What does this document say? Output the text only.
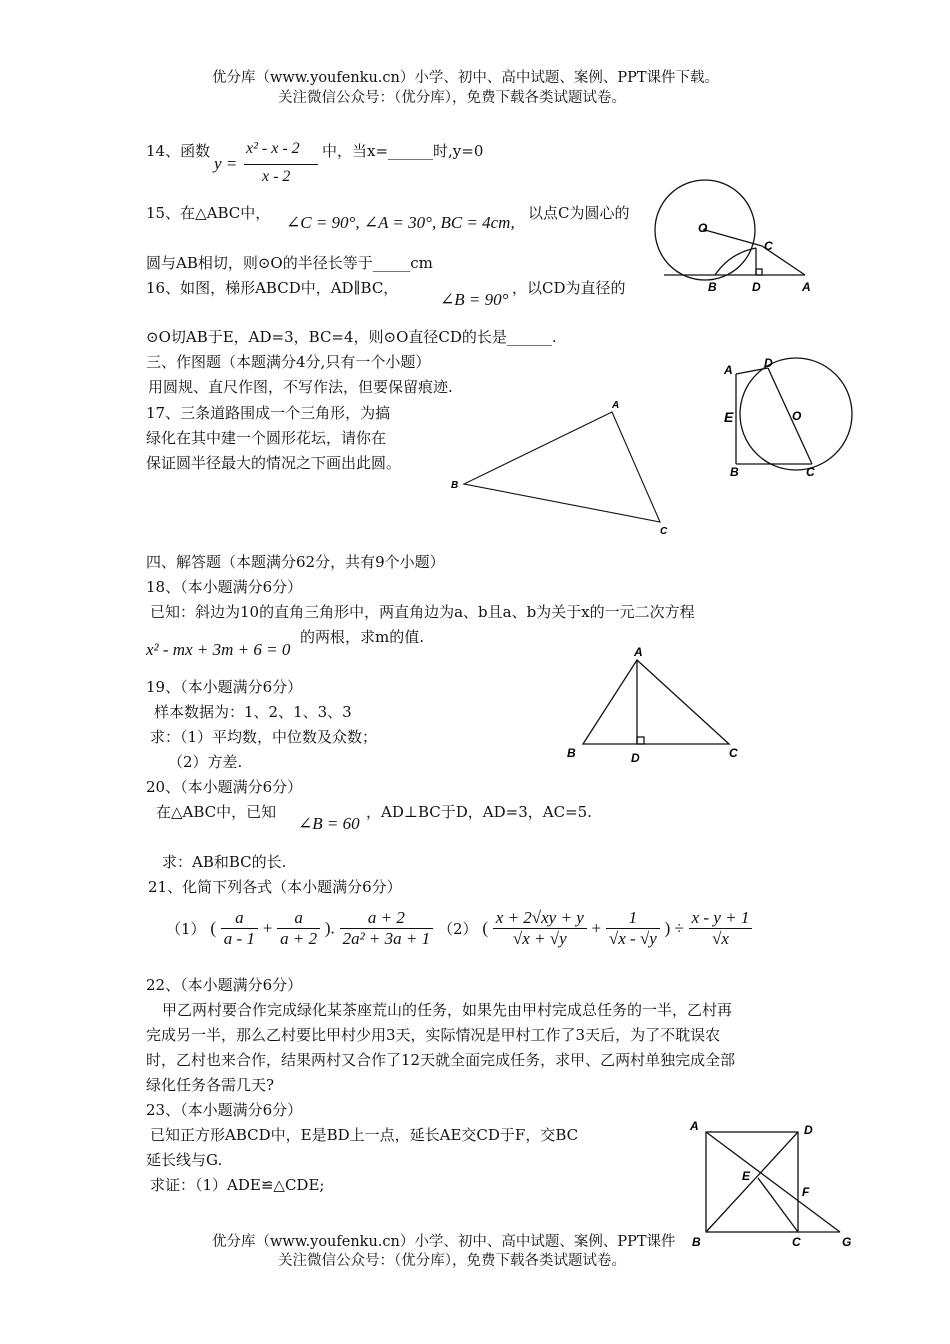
优分库（www.youfenku.cn）小学、初中、高中试题、案例、PPT课件下载。
关注微信公众号：（优分库），免费下载各类试题试卷。
14、函数
y =
x² - x - 2
x - 2
中，当x=______时,y=0
15、在△ABC中， ∠C = 90°, ∠A = 30°, BC = 4cm, 以点C为圆心的
圆与AB相切，则⊙O的半径长等于_____cm
16、如图，梯形ABCD中，AD∥BC，
∠B = 90°
，以CD为直径的
⊙O切AB于E，AD=3，BC=4，则⊙O直径CD的长是______.
三、作图题（本题满分4分,只有一个小题）
用圆规、直尺作图，不写作法，但要保留痕迹.
17、三条道路围成一个三角形，为搞
绿化在其中建一个圆形花坛，请你在
保证圆半径最大的情况之下画出此圆。
四、解答题（本题满分62分，共有9个小题）
18、（本小题满分6分）
已知：斜边为10的直角三角形中，两直角边为a、b且a、b为关于x的一元二次方程
x² - mx + 3m + 6 = 0
的两根，求m的值.
19、（本小题满分6分）
样本数据为：1、2、1、3、3
求：（1）平均数，中位数及众数；
（2）方差.
20、（本小题满分6分）
在△ABC中，已知
∠B = 60
，AD⊥BC于D，AD=3，AC=5.
求：AB和BC的长.
21、化简下列各式（本小题满分6分）
（1） ( $\frac{a}{a - 1} + \frac{a}{a + 2}$ ). $\frac{a + 2}{\text{2a² + 3a + 1}} (2)$ ( $\frac{x + 2√xy + y}{√x + √y} + \frac{1}{√x - √y}$ ) ÷ $\frac{x - y + 1}{√x}$
22、（本小题满分6分）
甲乙两村要合作完成绿化某茶座荒山的任务，如果先由甲村完成总任务的一半，乙村再
完成另一半，那么乙村要比甲村少用3天，实际情况是甲村工作了3天后，为了不耽误农
时，乙村也来合作，结果两村又合作了12天就全面完成任务，求甲、乙两村单独完成全部
绿化任务各需几天?
23、（本小题满分6分）
已知正方形ABCD中，E是BD上一点，延长AE交CD于F，交BC
延长线与G.
求证：（1）ADE≌△CDE;
优分库（www.youfenku.cn）小学、初中、高中试题、案例、PPT课件
关注微信公众号：（优分库），免费下载各类试题试卷。
O
C
B	D	A
A	D
E	O
B	C
A
B
C
A
B	D	C
A	D
E
F
B	C	G
